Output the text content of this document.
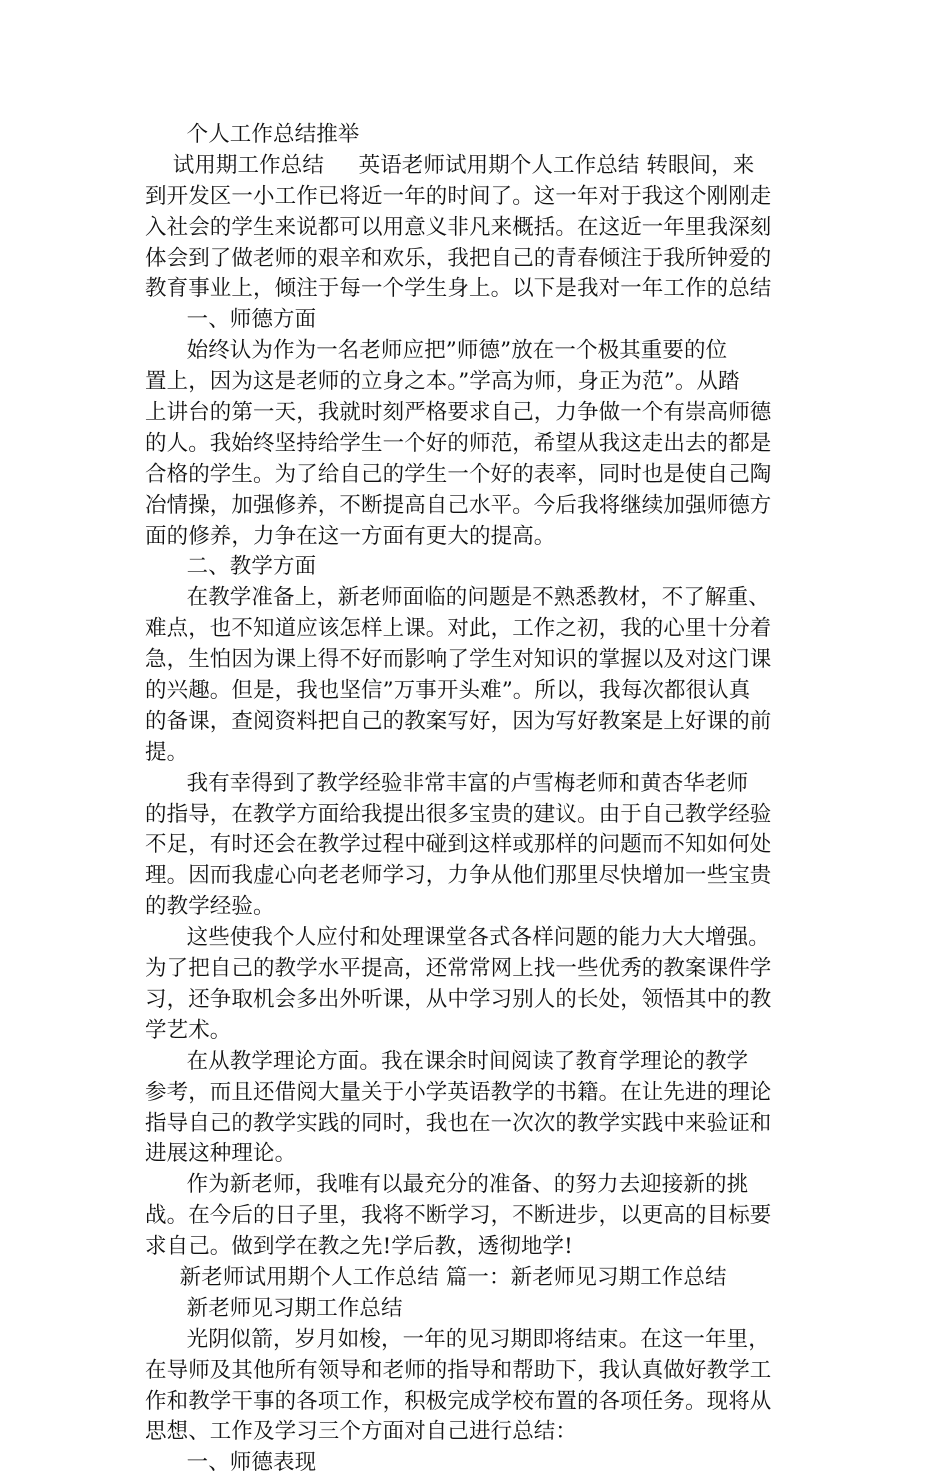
个人工作总结推举
试用期工作总结     英语老师试用期个人工作总结 转眼间，来
到开发区一小工作已将近一年的时间了。这一年对于我这个刚刚走
入社会的学生来说都可以用意义非凡来概括。在这近一年里我深刻
体会到了做老师的艰辛和欢乐，我把自己的青春倾注于我所钟爱的
教育事业上，倾注于每一个学生身上。以下是我对一年工作的总结
一、师德方面
始终认为作为一名老师应把”师德”放在一个极其重要的位
置上，因为这是老师的立身之本。”学高为师，身正为范”。从踏
上讲台的第一天，我就时刻严格要求自己，力争做一个有崇高师德
的人。我始终坚持给学生一个好的师范，希望从我这走出去的都是
合格的学生。为了给自己的学生一个好的表率，同时也是使自己陶
冶情操，加强修养，不断提高自己水平。今后我将继续加强师德方
面的修养，力争在这一方面有更大的提高。
二、教学方面
在教学准备上，新老师面临的问题是不熟悉教材，不了解重、
难点，也不知道应该怎样上课。对此，工作之初，我的心里十分着
急，生怕因为课上得不好而影响了学生对知识的掌握以及对这门课
的兴趣。但是，我也坚信”万事开头难”。所以，我每次都很认真
的备课，查阅资料把自己的教案写好，因为写好教案是上好课的前
提。
我有幸得到了教学经验非常丰富的卢雪梅老师和黄杏华老师
的指导，在教学方面给我提出很多宝贵的建议。由于自己教学经验
不足，有时还会在教学过程中碰到这样或那样的问题而不知如何处
理。因而我虚心向老老师学习，力争从他们那里尽快增加一些宝贵
的教学经验。
这些使我个人应付和处理课堂各式各样问题的能力大大增强。
为了把自己的教学水平提高，还常常网上找一些优秀的教案课件学
习，还争取机会多出外听课，从中学习别人的长处，领悟其中的教
学艺术。
在从教学理论方面。我在课余时间阅读了教育学理论的教学
参考，而且还借阅大量关于小学英语教学的书籍。在让先进的理论
指导自己的教学实践的同时，我也在一次次的教学实践中来验证和
进展这种理论。
作为新老师，我唯有以最充分的准备、的努力去迎接新的挑
战。在今后的日子里，我将不断学习，不断进步，以更高的目标要
求自己。做到学在教之先!学后教，透彻地学!
新老师试用期个人工作总结 篇一：新老师见习期工作总结
新老师见习期工作总结
光阴似箭，岁月如梭，一年的见习期即将结束。在这一年里，
在导师及其他所有领导和老师的指导和帮助下，我认真做好教学工
作和教学干事的各项工作，积极完成学校布置的各项任务。现将从
思想、工作及学习三个方面对自己进行总结：
一、师德表现
